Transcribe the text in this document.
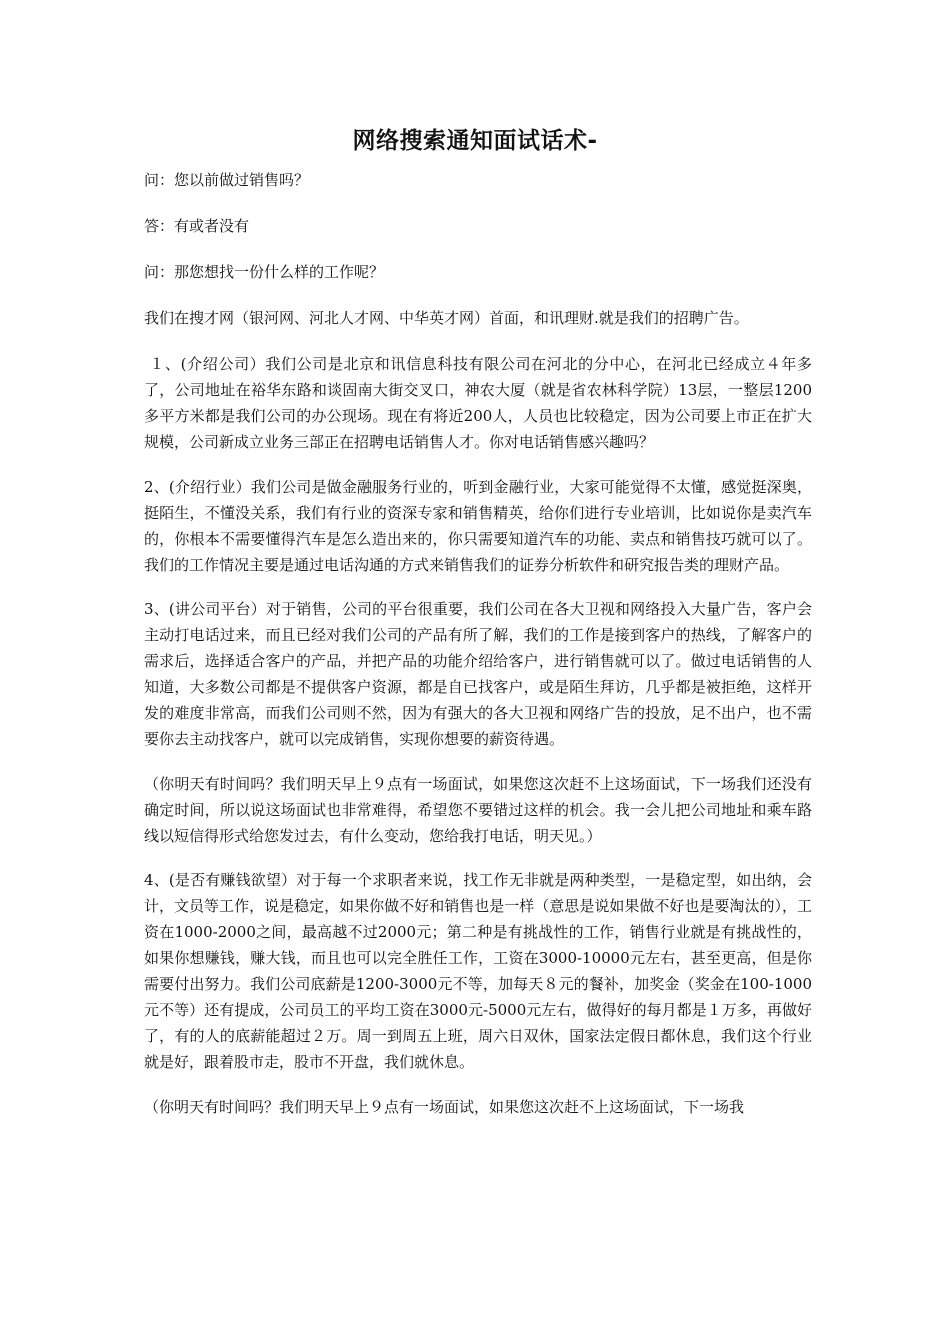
网络搜索通知面试话术-

问：您以前做过销售吗？

答：有或者没有

问：那您想找一份什么样的工作呢？

我们在搜才网（银河网、河北人才网、中华英才网）首面，和讯理财.就是我们的招聘广告。

１、(介绍公司）我们公司是北京和讯信息科技有限公司在河北的分中心，在河北已经成立４年多了，公司地址在裕华东路和谈固南大街交叉口，神农大厦（就是省农林科学院）13层，一整层1200多平方米都是我们公司的办公现场。现在有将近200人，人员也比较稳定，因为公司要上市正在扩大规模，公司新成立业务三部正在招聘电话销售人才。你对电话销售感兴趣吗？

2、(介绍行业）我们公司是做金融服务行业的，听到金融行业，大家可能觉得不太懂，感觉挺深奥，挺陌生，不懂没关系，我们有行业的资深专家和销售精英，给你们进行专业培训，比如说你是卖汽车的，你根本不需要懂得汽车是怎么造出来的，你只需要知道汽车的功能、卖点和销售技巧就可以了。我们的工作情况主要是通过电话沟通的方式来销售我们的证券分析软件和研究报告类的理财产品。

3、(讲公司平台）对于销售，公司的平台很重要，我们公司在各大卫视和网络投入大量广告，客户会主动打电话过来，而且已经对我们公司的产品有所了解，我们的工作是接到客户的热线，了解客户的需求后，选择适合客户的产品，并把产品的功能介绍给客户，进行销售就可以了。做过电话销售的人知道，大多数公司都是不提供客户资源，都是自已找客户，或是陌生拜访，几乎都是被拒绝，这样开发的难度非常高，而我们公司则不然，因为有强大的各大卫视和网络广告的投放，足不出户，也不需要你去主动找客户，就可以完成销售，实现你想要的薪资待遇。

（你明天有时间吗？我们明天早上９点有一场面试，如果您这次赶不上这场面试，下一场我们还没有确定时间，所以说这场面试也非常难得，希望您不要错过这样的机会。我一会儿把公司地址和乘车路线以短信得形式给您发过去，有什么变动，您给我打电话，明天见。）

4、(是否有赚钱欲望）对于每一个求职者来说，找工作无非就是两种类型，一是稳定型，如出纳，会计，文员等工作，说是稳定，如果你做不好和销售也是一样（意思是说如果做不好也是要淘汰的），工资在1000-2000之间，最高越不过2000元；第二种是有挑战性的工作，销售行业就是有挑战性的，如果你想赚钱，赚大钱，而且也可以完全胜任工作，工资在3000-10000元左右，甚至更高，但是你需要付出努力。我们公司底薪是1200-3000元不等，加每天８元的餐补，加奖金（奖金在100-1000元不等）还有提成，公司员工的平均工资在3000元-5000元左右，做得好的每月都是１万多，再做好了，有的人的底薪能超过２万。周一到周五上班，周六日双休，国家法定假日都休息，我们这个行业就是好，跟着股市走，股市不开盘，我们就休息。

（你明天有时间吗？我们明天早上９点有一场面试，如果您这次赶不上这场面试，下一场我
